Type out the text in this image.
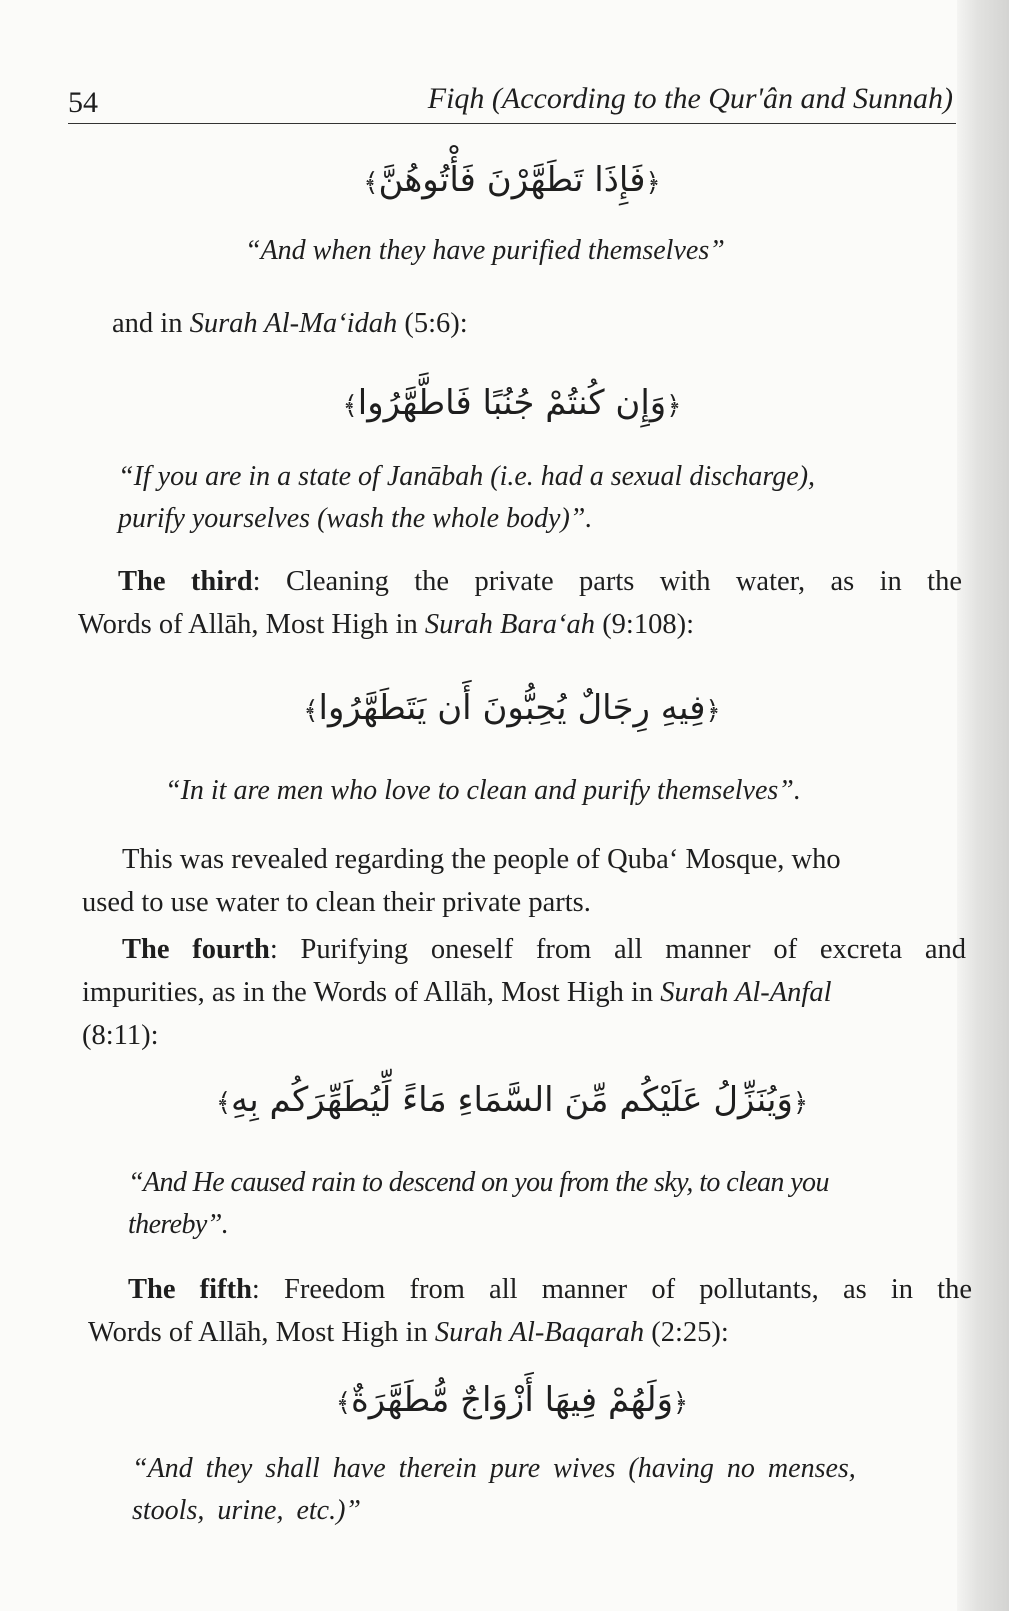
54	Fiqh (According to the Qur'ân and Sunnah)
﴿فَإِذَا تَطَهَّرْنَ فَأْتُوهُنَّ﴾
“And when they have purified themselves”
and in Surah Al-Ma‘idah (5:6):
﴿وَإِن كُنتُمْ جُنُبًا فَاطَّهَّرُوا﴾
“If you are in a state of Janābah (i.e. had a sexual discharge),
purify yourselves (wash the whole body)”.
The third: Cleaning the private parts with water, as in the
Words of Allāh, Most High in Surah Bara‘ah (9:108):
﴿فِيهِ رِجَالٌ يُحِبُّونَ أَن يَتَطَهَّرُوا﴾
“In it are men who love to clean and purify themselves”.
This was revealed regarding the people of Quba‘ Mosque, who
used to use water to clean their private parts.
The fourth: Purifying oneself from all manner of excreta and
impurities, as in the Words of Allāh, Most High in Surah Al-Anfal
(8:11):
﴿وَيُنَزِّلُ عَلَيْكُم مِّنَ السَّمَاءِ مَاءً لِّيُطَهِّرَكُم بِهِ﴾
“And He caused rain to descend on you from the sky, to clean you
thereby”.
The fifth: Freedom from all manner of pollutants, as in the
Words of Allāh, Most High in Surah Al-Baqarah (2:25):
﴿وَلَهُمْ فِيهَا أَزْوَاجٌ مُّطَهَّرَةٌ﴾
“And they shall have therein pure wives (having no menses,
stools, urine, etc.)”
